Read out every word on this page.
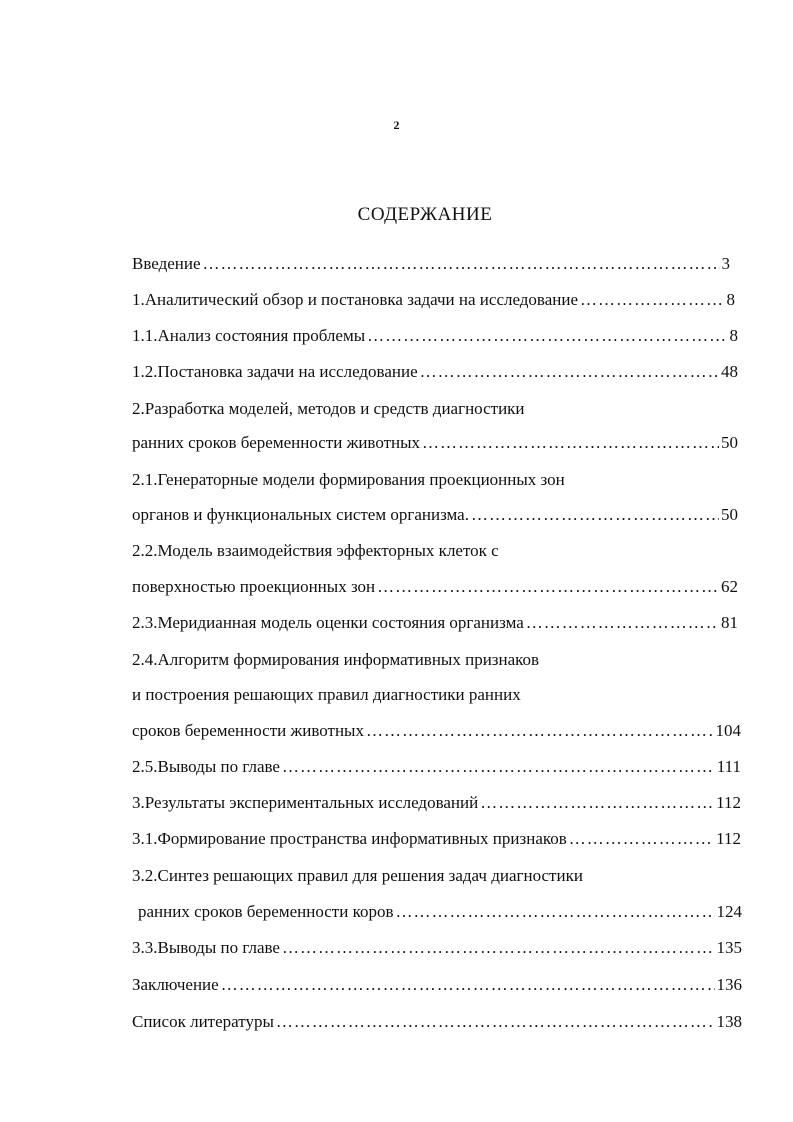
2
СОДЕРЖАНИЕ
Введение ……………………………………………………………………………………………………………………………………………………	3
1.Аналитический обзор и постановка задачи на исследование ……………………………………………………………………………………………………………………………………………………	8
1.1.Анализ состояния проблемы ……………………………………………………………………………………………………………………………………………………	8
1.2.Постановка задачи на исследование ……………………………………………………………………………………………………………………………………………………	48
2.Разработка моделей, методов и средств диагностики
ранних сроков беременности животных ……………………………………………………………………………………………………………………………………………………	50
2.1.Генераторные модели формирования проекционных зон
органов и функциональных систем организма. ……………………………………………………………………………………………………………………………………………………	50
2.2.Модель взаимодействия эффекторных клеток с
поверхностью проекционных зон ……………………………………………………………………………………………………………………………………………………	62
2.3.Меридианная модель оценки состояния организма ……………………………………………………………………………………………………………………………………………………	81
2.4.Алгоритм формирования информативных признаков
и построения решающих правил диагностики ранних
сроков беременности животных ……………………………………………………………………………………………………………………………………………………	104
2.5.Выводы по главе ……………………………………………………………………………………………………………………………………………………	111
3.Результаты экспериментальных исследований ……………………………………………………………………………………………………………………………………………………	112
3.1.Формирование пространства информативных признаков ……………………………………………………………………………………………………………………………………………………	112
3.2.Синтез решающих правил для решения задач диагностики
ранних сроков беременности коров ……………………………………………………………………………………………………………………………………………………	124
3.3.Выводы по главе ……………………………………………………………………………………………………………………………………………………	135
Заключение ……………………………………………………………………………………………………………………………………………………	136
Список литературы ……………………………………………………………………………………………………………………………………………………	138
